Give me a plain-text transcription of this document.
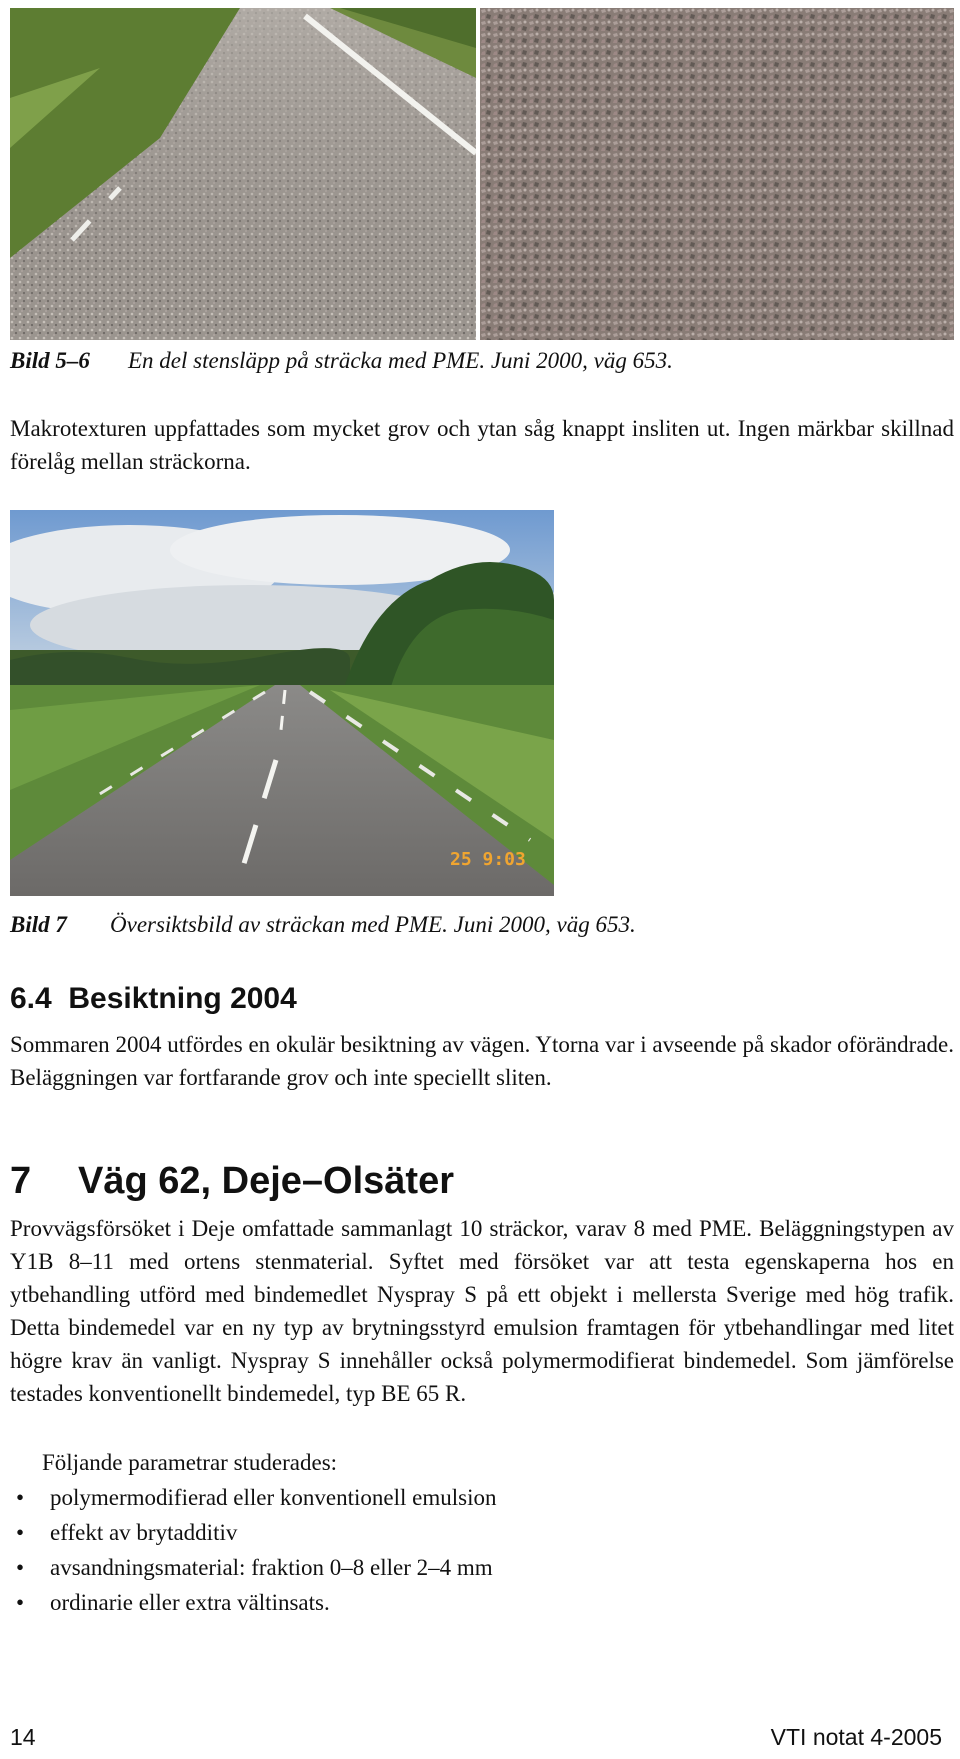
Bild 5–6 En del stensläpp på sträcka med PME. Juni 2000, väg 653.
Makrotexturen uppfattades som mycket grov och ytan såg knappt insliten ut. Ingen märkbar skillnad förelåg mellan sträckorna.
25 9:03
Bild 7 Översiktsbild av sträckan med PME. Juni 2000, väg 653.
6.4  Besiktning 2004
Sommaren 2004 utfördes en okulär besiktning av vägen. Ytorna var i avseende på skador oförändrade. Beläggningen var fortfarande grov och inte speciellt sliten.
7 Väg 62, Deje–Olsäter
Provvägsförsöket i Deje omfattade sammanlagt 10 sträckor, varav 8 med PME. Beläggningstypen av Y1B 8–11 med ortens stenmaterial. Syftet med försöket var att testa egenskaperna hos en ytbehandling utförd med bindemedlet Nyspray S på ett objekt i mellersta Sverige med hög trafik. Detta bindemedel var en ny typ av brytningsstyrd emulsion framtagen för ytbehandlingar med litet högre krav än vanligt. Nyspray S innehåller också polymermodifierat bindemedel. Som jämförelse testades konventionellt bindemedel, typ BE 65 R.
Följande parametrar studerades:
• polymermodifierad eller konventionell emulsion
• effekt av brytadditiv
• avsandningsmaterial: fraktion 0–8 eller 2–4 mm
• ordinarie eller extra vältinsats.
14	VTI notat 4-2005
